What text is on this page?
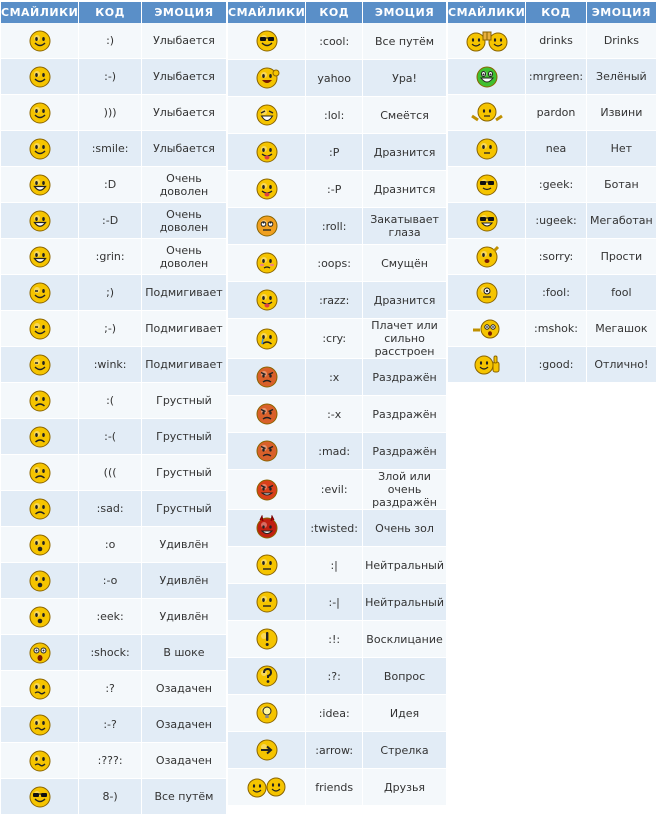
СМАЙЛИКИ	КОД	ЭМОЦИЯ

	:)	Улыбается

	:-)	Улыбается

	)))	Улыбается

	:smile:	Улыбается

	:D	Очень доволен

	:-D	Очень доволен

	:grin:	Очень доволен

	;)	Подмигивает

	;-)	Подмигивает

	:wink:	Подмигивает

	:(	Грустный

	:-(	Грустный

	(((	Грустный

	:sad:	Грустный

	:o	Удивлён

	:-o	Удивлён

	:eek:	Удивлён

	:shock:	В шоке

	:?	Озадачен

	:-?	Озадачен

	:???:	Озадачен

	8-)	Все путём
СМАЙЛИКИ	КОД	ЭМОЦИЯ

	:cool:	Все путём

	yahoo	Ура!

	:lol:	Смеётся

	:P	Дразнится

	:-P	Дразнится

	:roll:	Закатывает глаза

	:oops:	Смущён

	:razz:	Дразнится

	:cry:	Плачет или сильно расстроен

	:x	Раздражён

	:-x	Раздражён

	:mad:	Раздражён

	:evil:	Злой или очень раздражён

	:twisted:	Очень зол

	:|	Нейтральный

	:-|	Нейтральный

	:!:	Восклицание

	:?:	Вопрос

	:idea:	Идея

	:arrow:	Стрелка

	friends	Друзья
СМАЙЛИКИ	КОД	ЭМОЦИЯ

	drinks	Drinks

	:mrgreen:	Зелёный

	pardon	Извини

	nea	Нет

	:geek:	Ботан

	:ugeek:	Мегаботан

	:sorry:	Прости

	:fool:	fool

	:mshok:	Мегашок

	:good:	Отлично!
